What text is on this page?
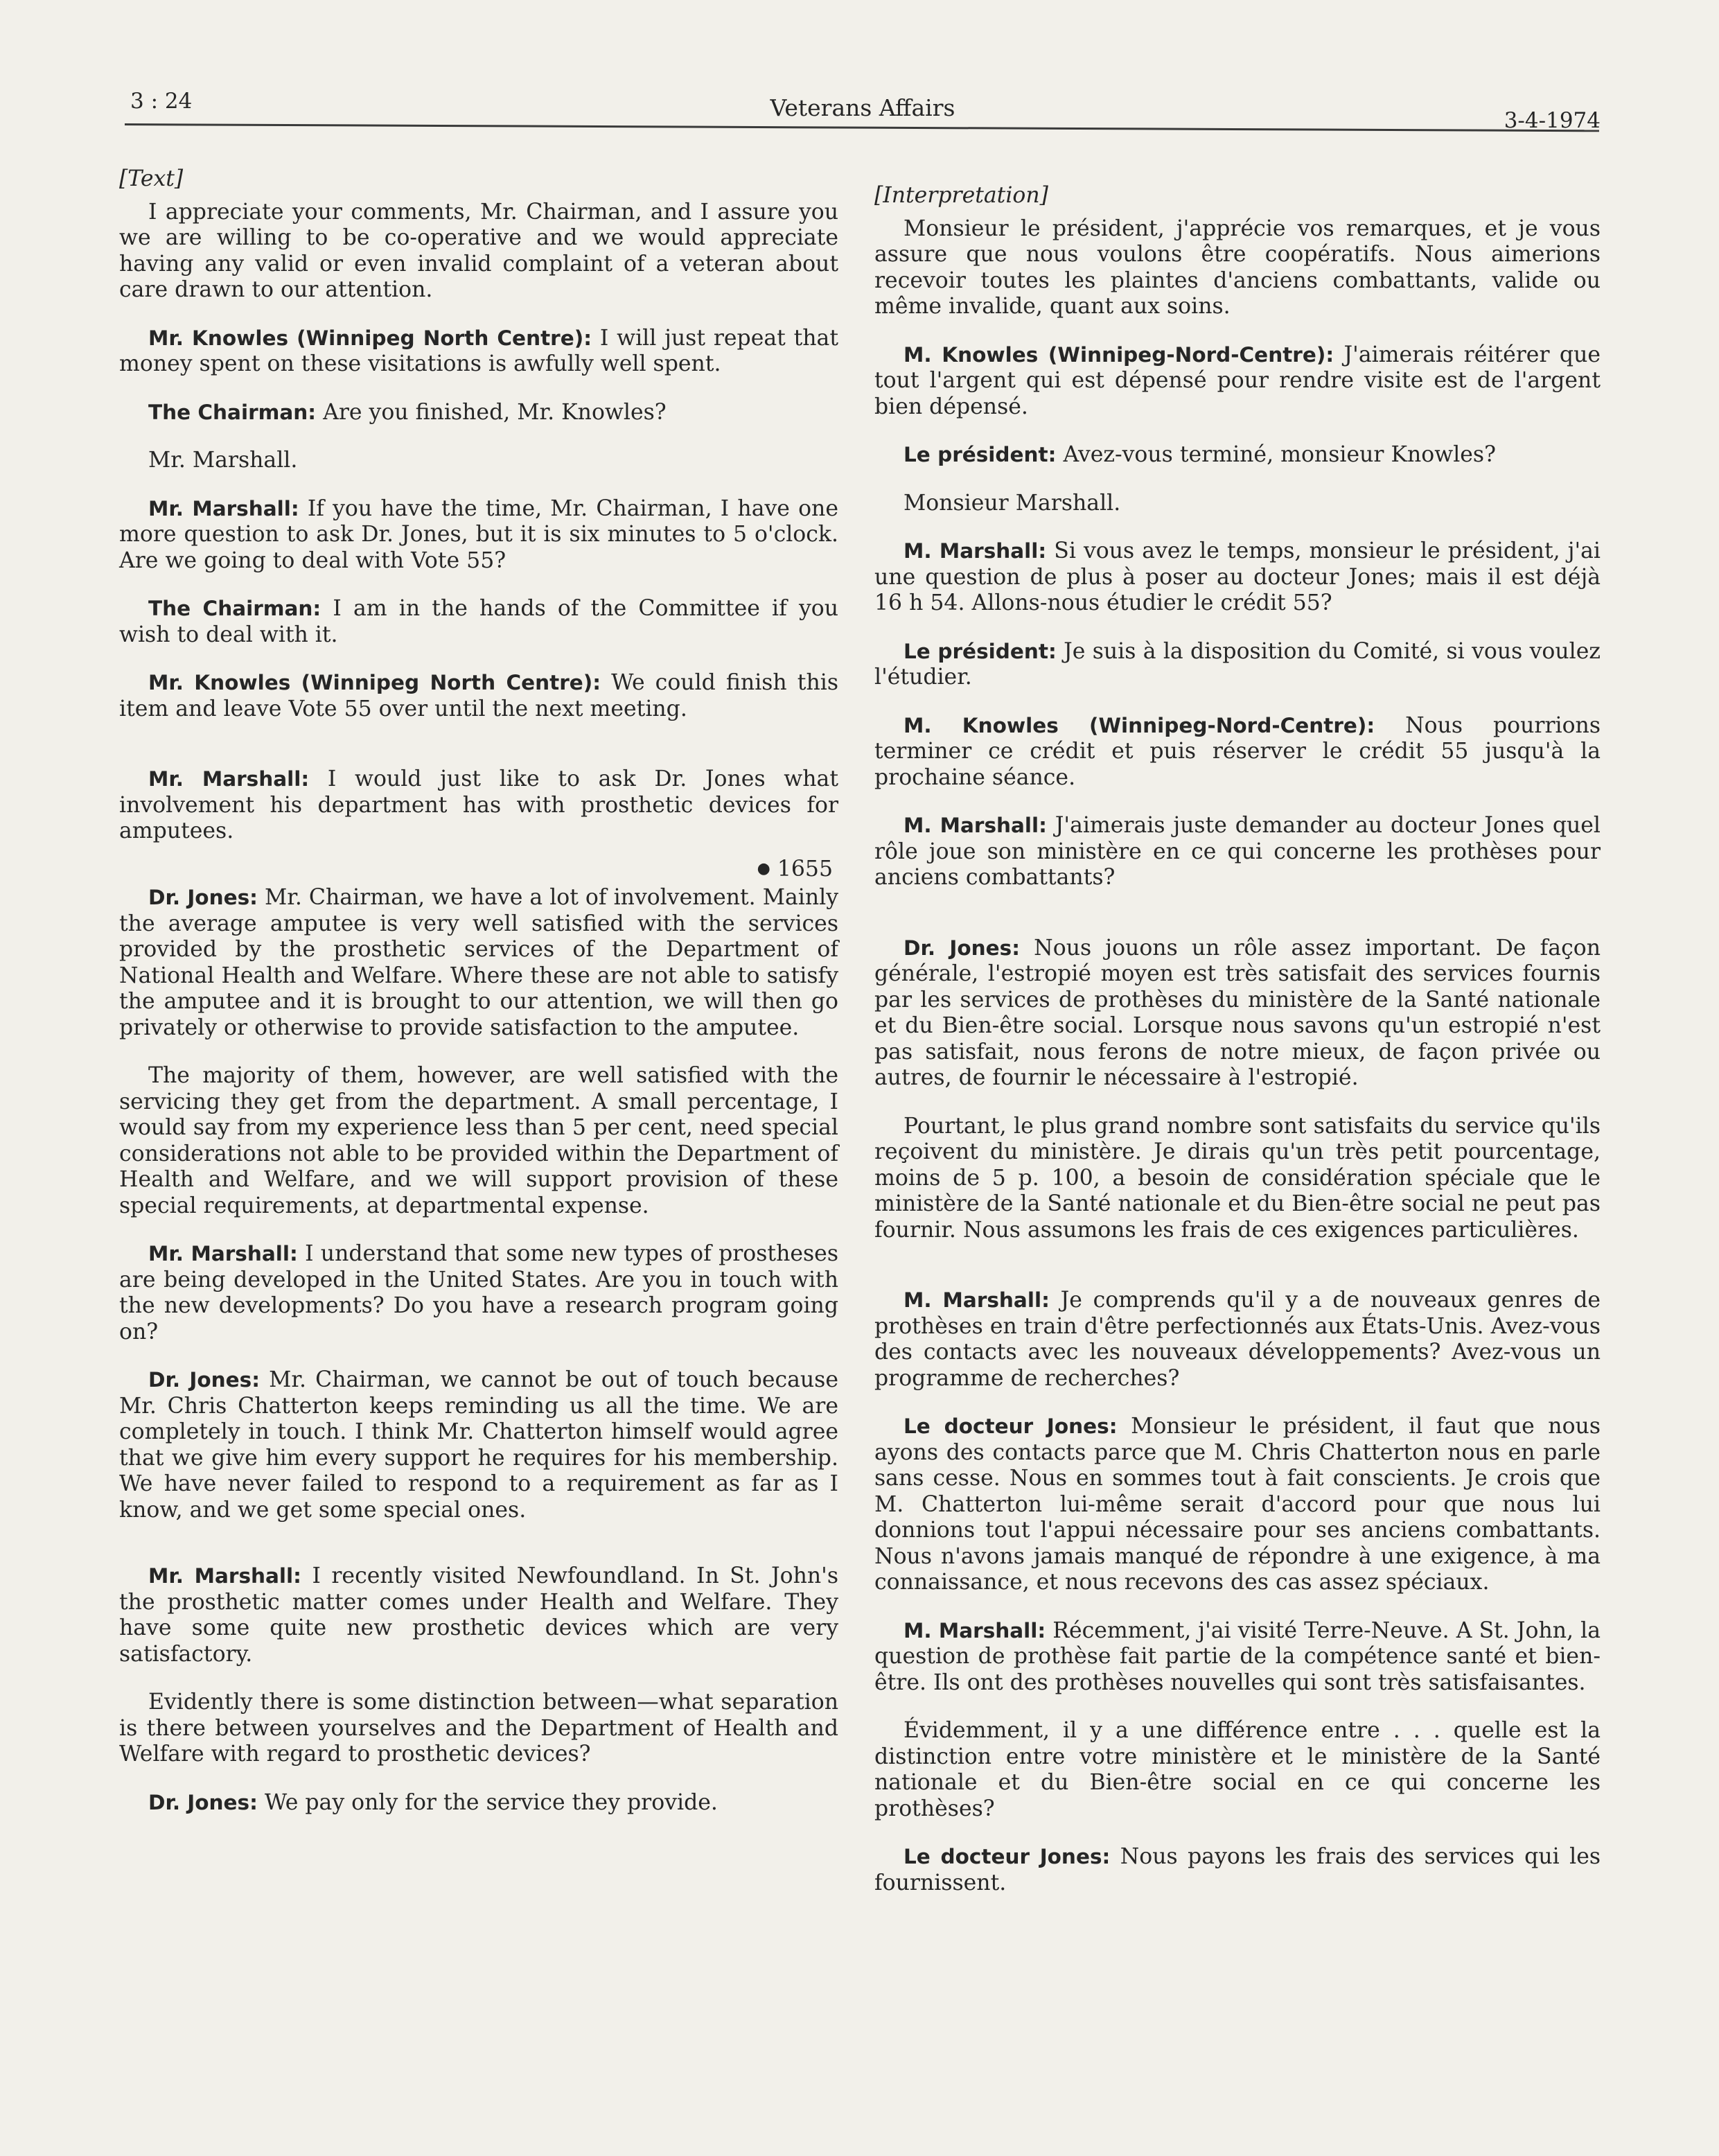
3 : 24	Veterans Affairs	3-4-1974

[Text]

I appreciate your comments, Mr. Chairman, and I assure you we are willing to be co-operative and we would appreciate having any valid or even invalid complaint of a veteran about care drawn to our attention.

Mr. Knowles (Winnipeg North Centre): I will just repeat that money spent on these visitations is awfully well spent.

The Chairman: Are you finished, Mr. Knowles?

Mr. Marshall.

Mr. Marshall: If you have the time, Mr. Chairman, I have one more question to ask Dr. Jones, but it is six minutes to 5 o'clock. Are we going to deal with Vote 55?

The Chairman: I am in the hands of the Committee if you wish to deal with it.

Mr. Knowles (Winnipeg North Centre): We could finish this item and leave Vote 55 over until the next meeting.

Mr. Marshall: I would just like to ask Dr. Jones what involvement his department has with prosthetic devices for amputees.

● 1655

Dr. Jones: Mr. Chairman, we have a lot of involvement. Mainly the average amputee is very well satisfied with the services provided by the prosthetic services of the Department of National Health and Welfare. Where these are not able to satisfy the amputee and it is brought to our attention, we will then go privately or otherwise to provide satisfaction to the amputee.

The majority of them, however, are well satisfied with the servicing they get from the department. A small percentage, I would say from my experience less than 5 per cent, need special considerations not able to be provided within the Department of Health and Welfare, and we will support provision of these special requirements, at departmental expense.

Mr. Marshall: I understand that some new types of prostheses are being developed in the United States. Are you in touch with the new developments? Do you have a research program going on?

Dr. Jones: Mr. Chairman, we cannot be out of touch because Mr. Chris Chatterton keeps reminding us all the time. We are completely in touch. I think Mr. Chatterton himself would agree that we give him every support he requires for his membership. We have never failed to respond to a requirement as far as I know, and we get some special ones.

Mr. Marshall: I recently visited Newfoundland. In St. John's the prosthetic matter comes under Health and Welfare. They have some quite new prosthetic devices which are very satisfactory.

Evidently there is some distinction between—what separation is there between yourselves and the Department of Health and Welfare with regard to prosthetic devices?

Dr. Jones: We pay only for the service they provide.

[Interpretation]

Monsieur le président, j'apprécie vos remarques, et je vous assure que nous voulons être coopératifs. Nous aimerions recevoir toutes les plaintes d'anciens combattants, valide ou même invalide, quant aux soins.

M. Knowles (Winnipeg-Nord-Centre): J'aimerais réitérer que tout l'argent qui est dépensé pour rendre visite est de l'argent bien dépensé.

Le président: Avez-vous terminé, monsieur Knowles?

Monsieur Marshall.

M. Marshall: Si vous avez le temps, monsieur le président, j'ai une question de plus à poser au docteur Jones; mais il est déjà 16 h 54. Allons-nous étudier le crédit 55?

Le président: Je suis à la disposition du Comité, si vous voulez l'étudier.

M. Knowles (Winnipeg-Nord-Centre): Nous pourrions terminer ce crédit et puis réserver le crédit 55 jusqu'à la prochaine séance.

M. Marshall: J'aimerais juste demander au docteur Jones quel rôle joue son ministère en ce qui concerne les prothèses pour anciens combattants?

Dr. Jones: Nous jouons un rôle assez important. De façon générale, l'estropié moyen est très satisfait des services fournis par les services de prothèses du ministère de la Santé nationale et du Bien-être social. Lorsque nous savons qu'un estropié n'est pas satisfait, nous ferons de notre mieux, de façon privée ou autres, de fournir le nécessaire à l'estropié.

Pourtant, le plus grand nombre sont satisfaits du service qu'ils reçoivent du ministère. Je dirais qu'un très petit pourcentage, moins de 5 p. 100, a besoin de considération spéciale que le ministère de la Santé nationale et du Bien-être social ne peut pas fournir. Nous assumons les frais de ces exigences particulières.

M. Marshall: Je comprends qu'il y a de nouveaux genres de prothèses en train d'être perfectionnés aux États-Unis. Avez-vous des contacts avec les nouveaux développements? Avez-vous un programme de recherches?

Le docteur Jones: Monsieur le président, il faut que nous ayons des contacts parce que M. Chris Chatterton nous en parle sans cesse. Nous en sommes tout à fait conscients. Je crois que M. Chatterton lui-même serait d'accord pour que nous lui donnions tout l'appui nécessaire pour ses anciens combattants. Nous n'avons jamais manqué de répondre à une exigence, à ma connaissance, et nous recevons des cas assez spéciaux.

M. Marshall: Récemment, j'ai visité Terre-Neuve. A St. John, la question de prothèse fait partie de la compétence santé et bien-être. Ils ont des prothèses nouvelles qui sont très satisfaisantes.

Évidemment, il y a une différence entre . . . quelle est la distinction entre votre ministère et le ministère de la Santé nationale et du Bien-être social en ce qui concerne les prothèses?

Le docteur Jones: Nous payons les frais des services qui les fournissent.
